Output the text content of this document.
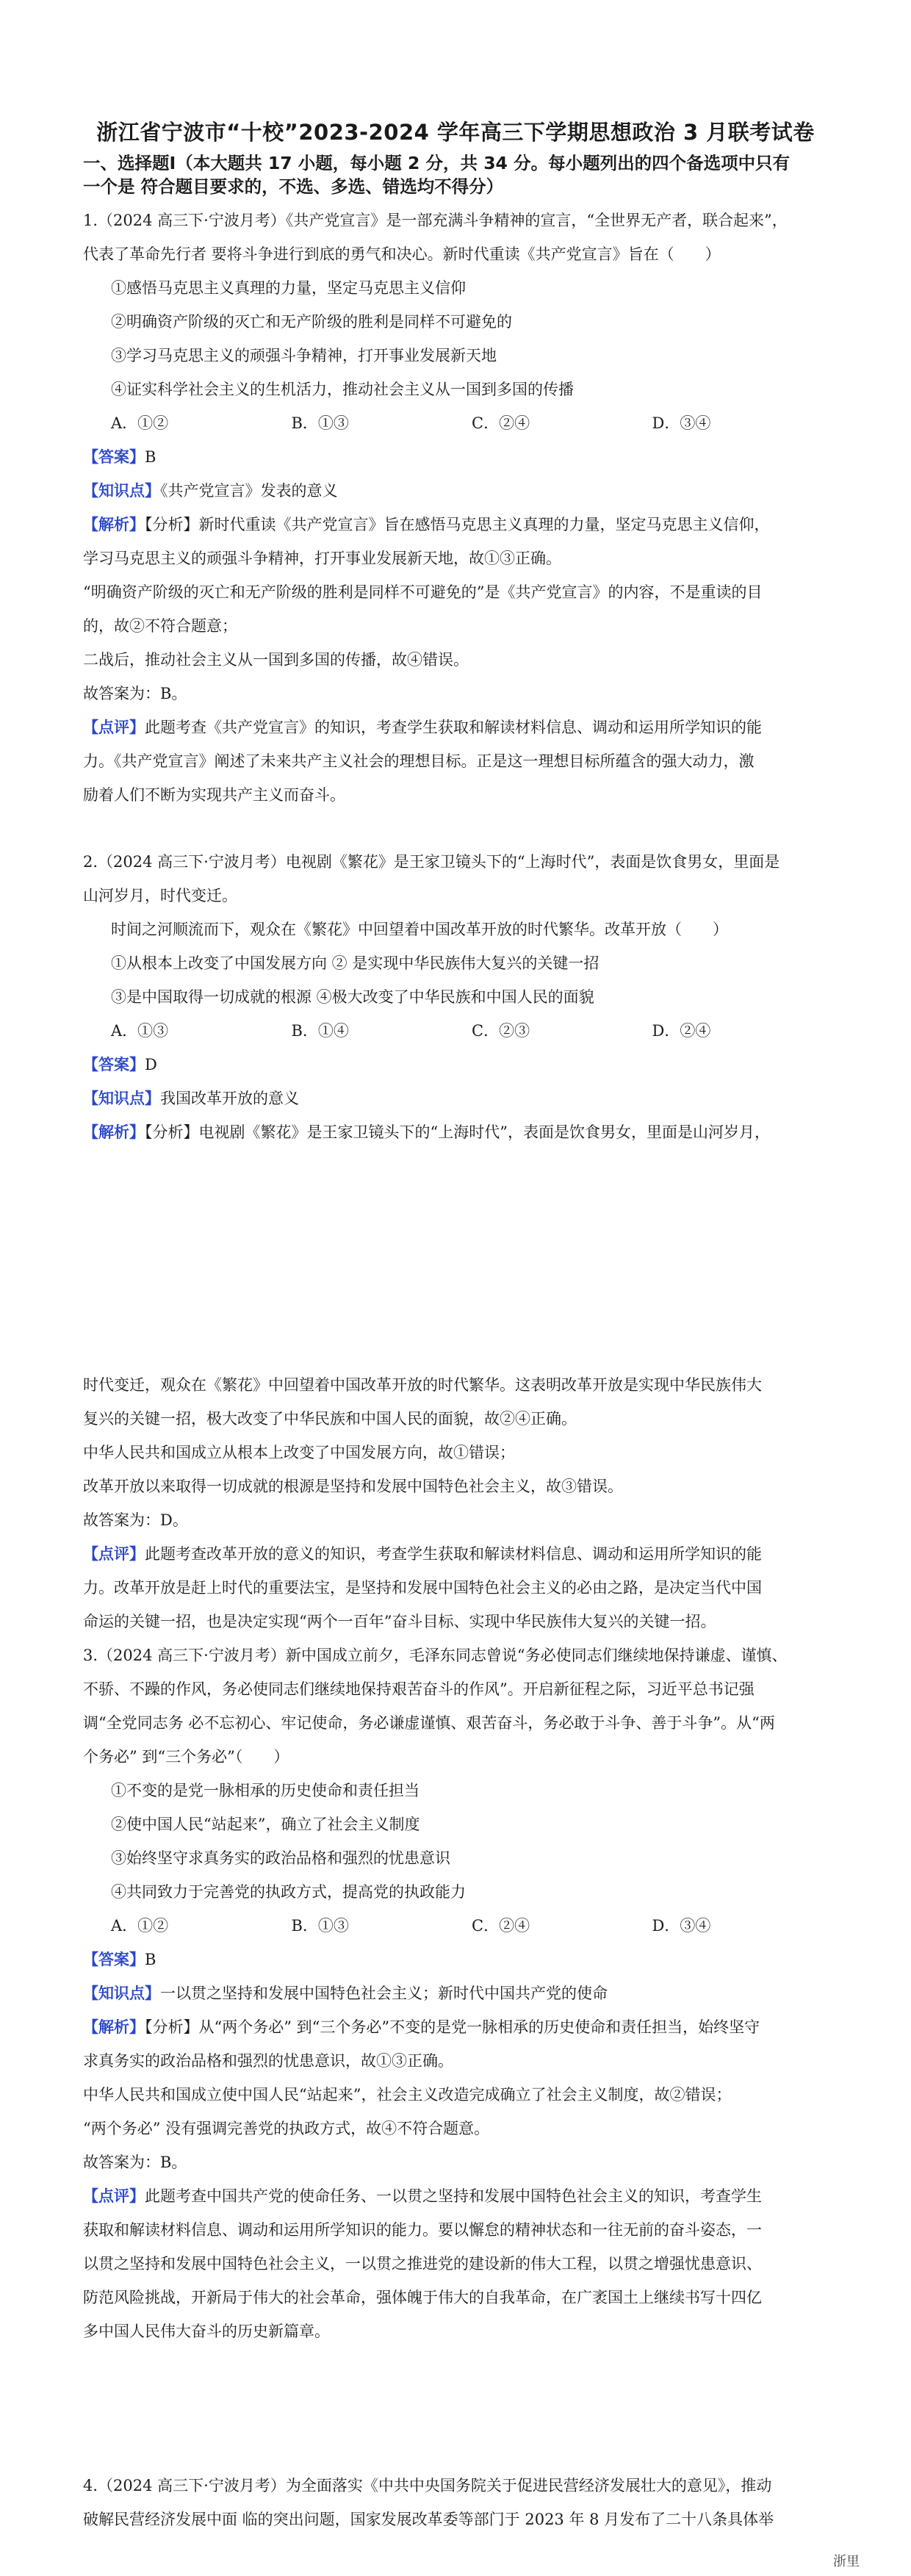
浙江省宁波市“十校”2023-2024 学年高三下学期思想政治 3 月联考试卷
一、选择题Ⅰ（本大题共 17 小题，每小题 2 分，共 34 分。每小题列出的四个备选项中只有
一个是 符合题目要求的，不选、多选、错选均不得分）

1.（2024 高三下·宁波月考）《共产党宣言》是一部充满斗争精神的宣言，“全世界无产者，联合起来”，

代表了革命先行者 要将斗争进行到底的勇气和决心。新时代重读《共产党宣言》旨在（　　）

①感悟马克思主义真理的力量，坚定马克思主义信仰

②明确资产阶级的灭亡和无产阶级的胜利是同样不可避免的

③学习马克思主义的顽强斗争精神，打开事业发展新天地

④证实科学社会主义的生机活力，推动社会主义从一国到多国的传播

A．①②	B．①③	C．②④	D．③④

【答案】B

【知识点】《共产党宣言》发表的意义

【解析】【分析】新时代重读《共产党宣言》旨在感悟马克思主义真理的力量，坚定马克思主义信仰，

学习马克思主义的顽强斗争精神，打开事业发展新天地，故①③正确。

“明确资产阶级的灭亡和无产阶级的胜利是同样不可避免的”是《共产党宣言》的内容，不是重读的目

的，故②不符合题意；

二战后，推动社会主义从一国到多国的传播，故④错误。

故答案为：B。

【点评】此题考查《共产党宣言》的知识，考查学生获取和解读材料信息、调动和运用所学知识的能

力。《共产党宣言》阐述了未来共产主义社会的理想目标。正是这一理想目标所蕴含的强大动力，激

励着人们不断为实现共产主义而奋斗。

2.（2024 高三下·宁波月考）电视剧《繁花》是王家卫镜头下的“上海时代”，表面是饮食男女，里面是

山河岁月，时代变迁。

时间之河顺流而下，观众在《繁花》中回望着中国改革开放的时代繁华。改革开放（　　）

①从根本上改变了中国发展方向 ② 是实现中华民族伟大复兴的关键一招

③是中国取得一切成就的根源 ④极大改变了中华民族和中国人民的面貌

A．①③	B．①④	C．②③	D．②④

【答案】D

【知识点】我国改革开放的意义

【解析】【分析】电视剧《繁花》是王家卫镜头下的“上海时代”，表面是饮食男女，里面是山河岁月，

时代变迁，观众在《繁花》中回望着中国改革开放的时代繁华。这表明改革开放是实现中华民族伟大

复兴的关键一招，极大改变了中华民族和中国人民的面貌，故②④正确。

中华人民共和国成立从根本上改变了中国发展方向，故①错误；

改革开放以来取得一切成就的根源是坚持和发展中国特色社会主义，故③错误。

故答案为：D。

【点评】此题考查改革开放的意义的知识，考查学生获取和解读材料信息、调动和运用所学知识的能

力。改革开放是赶上时代的重要法宝，是坚持和发展中国特色社会主义的必由之路，是决定当代中国

命运的关键一招，也是决定实现“两个一百年”奋斗目标、实现中华民族伟大复兴的关键一招。

3.（2024 高三下·宁波月考）新中国成立前夕，毛泽东同志曾说“务必使同志们继续地保持谦虚、谨慎、

不骄、不躁的作风，务必使同志们继续地保持艰苦奋斗的作风”。开启新征程之际，习近平总书记强

调“全党同志务 必不忘初心、牢记使命，务必谦虚谨慎、艰苦奋斗，务必敢于斗争、善于斗争”。从“两

个务必” 到“三个务必”（　　）

①不变的是党一脉相承的历史使命和责任担当

②使中国人民“站起来”，确立了社会主义制度

③始终坚守求真务实的政治品格和强烈的忧患意识

④共同致力于完善党的执政方式，提高党的执政能力

A．①②	B．①③	C．②④	D．③④

【答案】B

【知识点】一以贯之坚持和发展中国特色社会主义；新时代中国共产党的使命

【解析】【分析】从“两个务必” 到“三个务必”不变的是党一脉相承的历史使命和责任担当，始终坚守

求真务实的政治品格和强烈的忧患意识，故①③正确。

中华人民共和国成立使中国人民“站起来”，社会主义改造完成确立了社会主义制度，故②错误；

“两个务必” 没有强调完善党的执政方式，故④不符合题意。

故答案为：B。

【点评】此题考查中国共产党的使命任务、一以贯之坚持和发展中国特色社会主义的知识，考查学生

获取和解读材料信息、调动和运用所学知识的能力。要以懈怠的精神状态和一往无前的奋斗姿态，一

以贯之坚持和发展中国特色社会主义，一以贯之推进党的建设新的伟大工程，以贯之增强忧患意识、

防范风险挑战，开新局于伟大的社会革命，强体魄于伟大的自我革命，在广袤国土上继续书写十四亿

多中国人民伟大奋斗的历史新篇章。

4.（2024 高三下·宁波月考）为全面落实《中共中央国务院关于促进民营经济发展壮大的意见》，推动

破解民营经济发展中面 临的突出问题，国家发展改革委等部门于 2023 年 8 月发布了二十八条具体举

浙里
